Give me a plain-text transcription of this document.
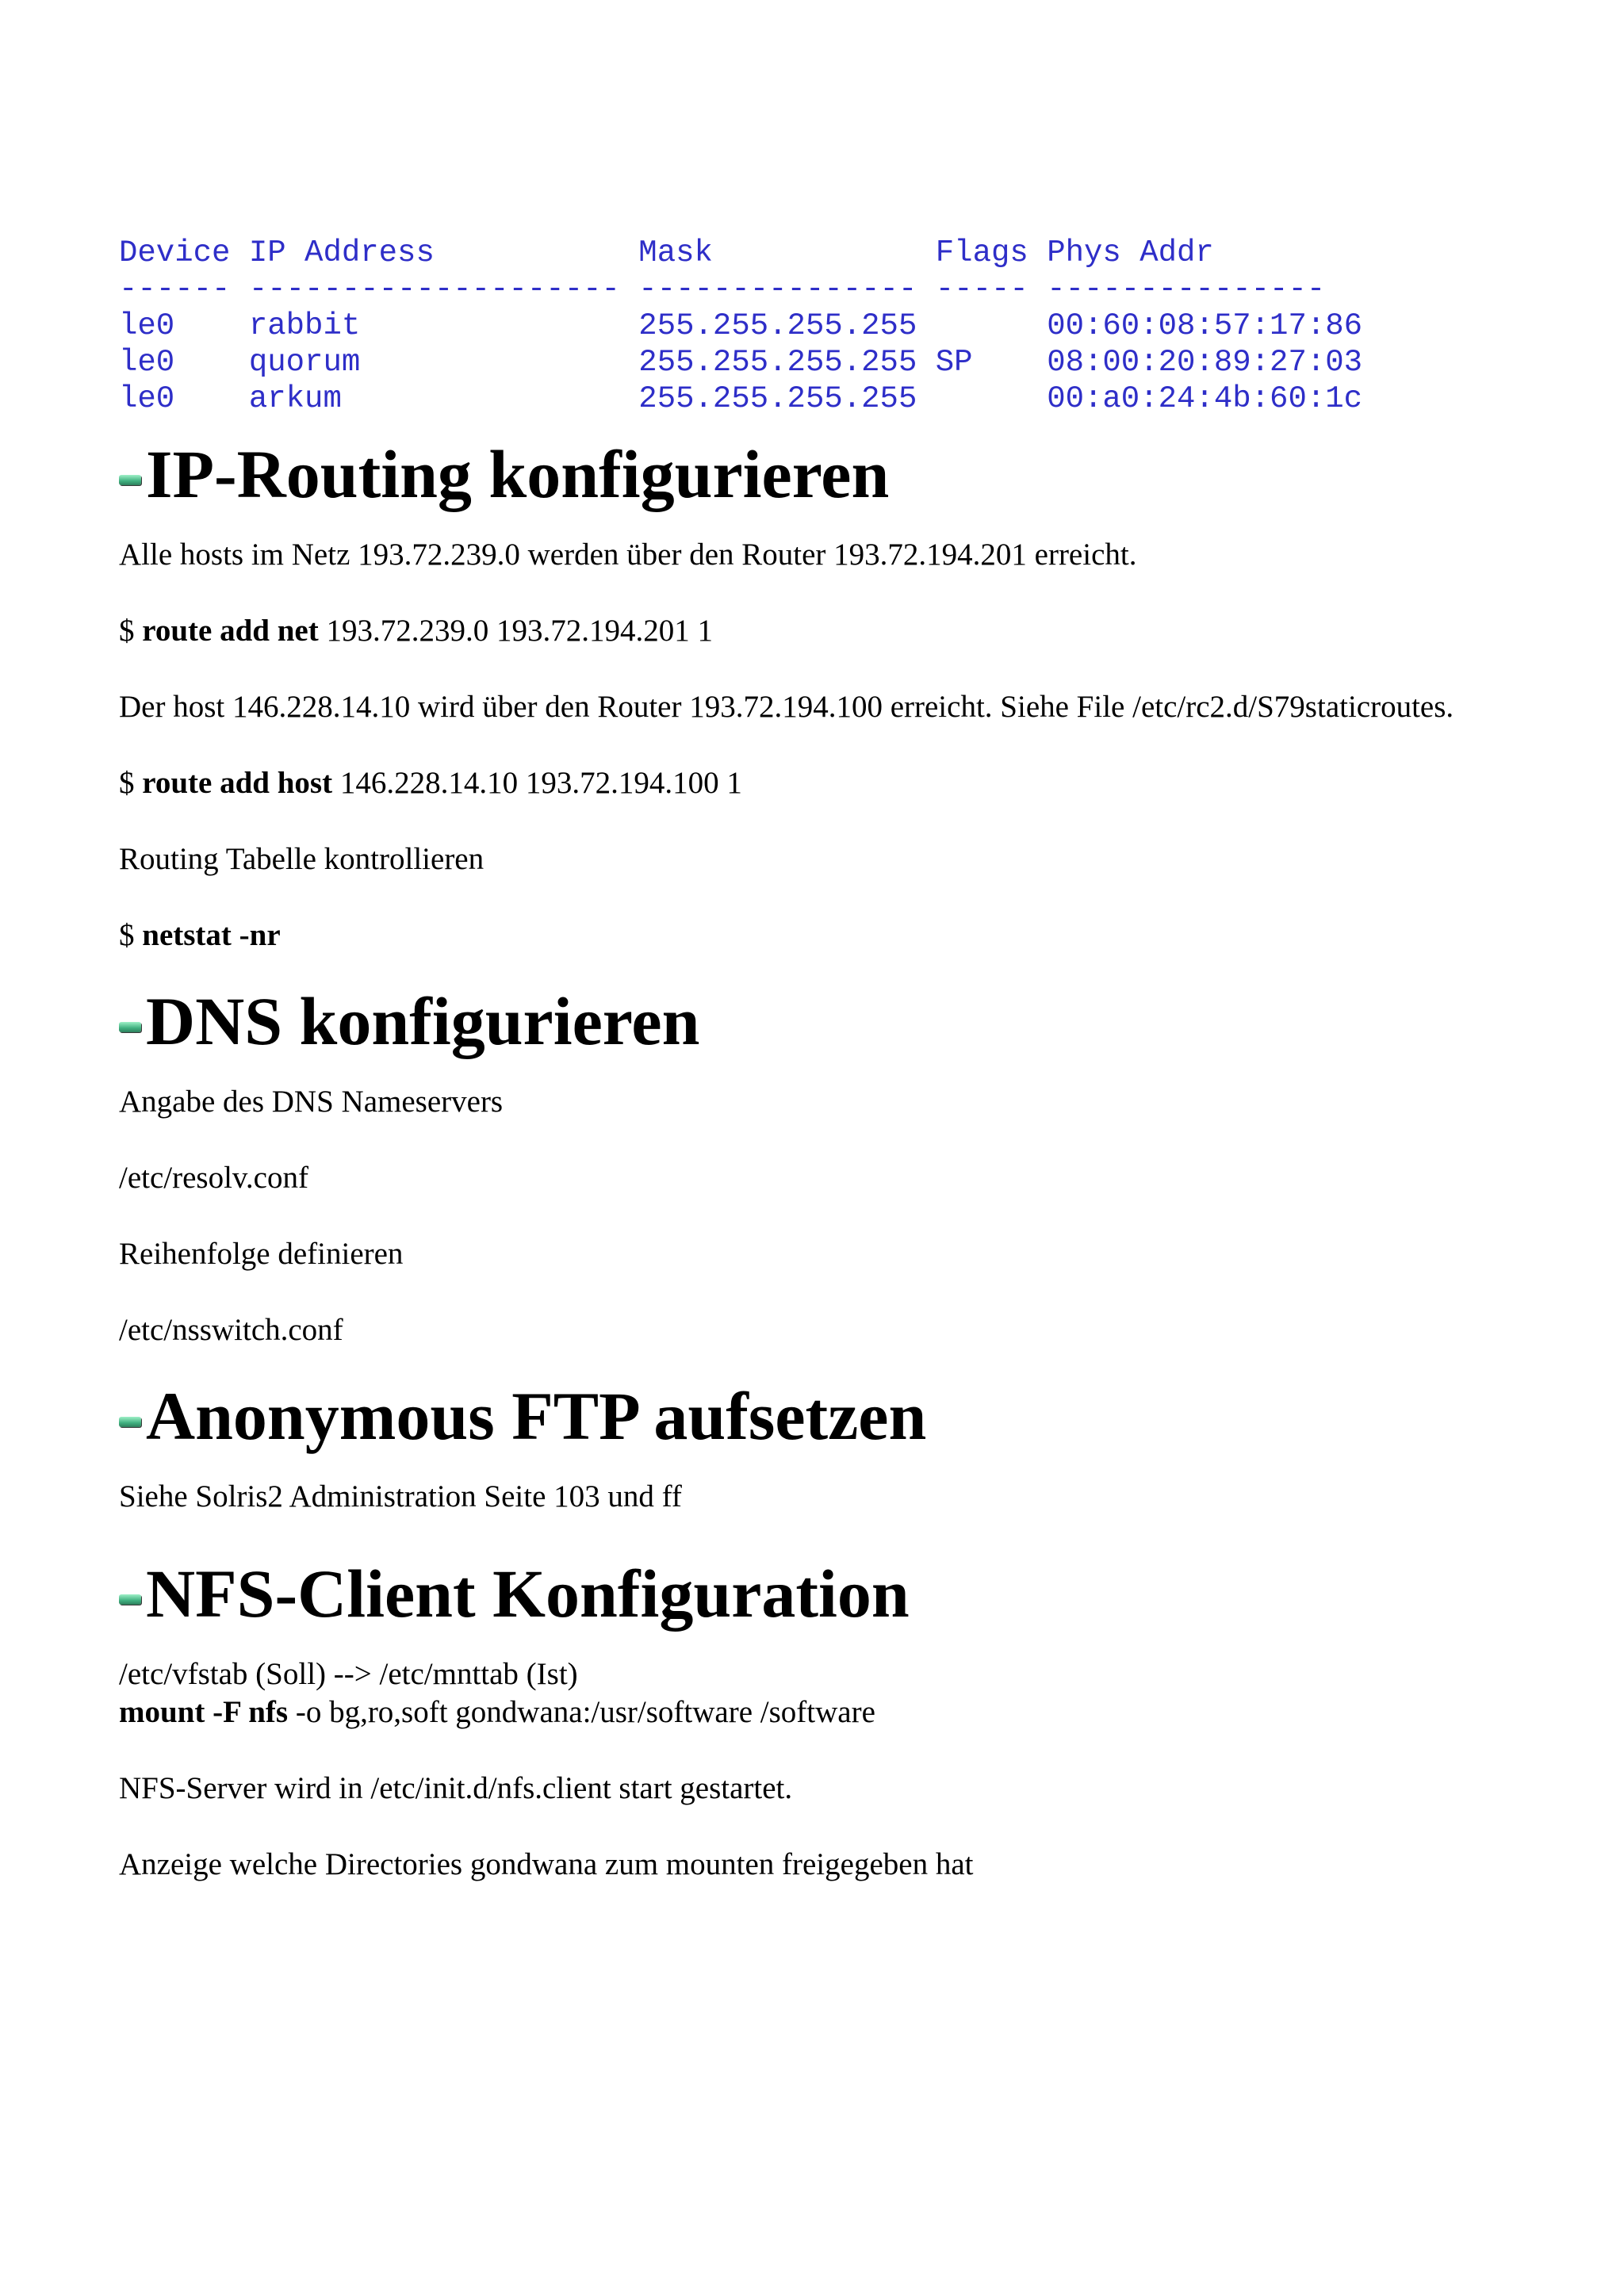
Device IP Address           Mask            Flags Phys Addr
------ -------------------- --------------- ----- ---------------
le0    rabbit               255.255.255.255       00:60:08:57:17:86
le0    quorum               255.255.255.255 SP    08:00:20:89:27:03
le0    arkum                255.255.255.255       00:a0:24:4b:60:1c
IP-Routing konfigurieren

Alle hosts im Netz 193.72.239.0 werden über den Router 193.72.194.201 erreicht.

$ route add net 193.72.239.0 193.72.194.201 1

Der host 146.228.14.10 wird über den Router 193.72.194.100 erreicht. Siehe File /etc/rc2.d/S79staticroutes.

$ route add host 146.228.14.10 193.72.194.100 1

Routing Tabelle kontrollieren

$ netstat -nr

DNS konfigurieren

Angabe des DNS Nameservers

/etc/resolv.conf

Reihenfolge definieren

/etc/nsswitch.conf

Anonymous FTP aufsetzen

Siehe Solris2 Administration Seite 103 und ff

NFS-Client Konfiguration

/etc/vfstab (Soll) --> /etc/mnttab (Ist)

mount -F nfs -o bg,ro,soft gondwana:/usr/software /software

NFS-Server wird in /etc/init.d/nfs.client start gestartet.

Anzeige welche Directories gondwana zum mounten freigegeben hat
